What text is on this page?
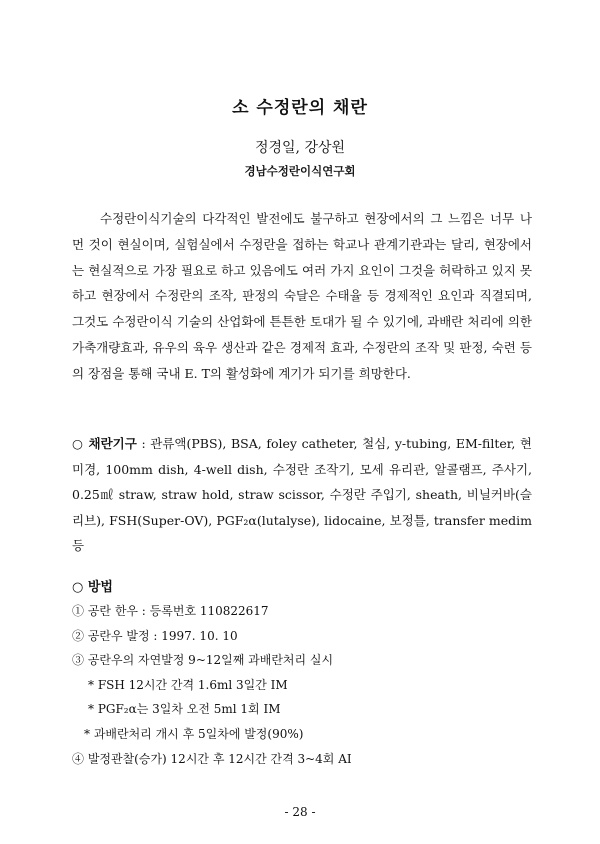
소 수정란의 채란
정경일, 강상원
경남수정란이식연구회

수정란이식기술의 다각적인 발전에도 불구하고 현장에서의 그 느낌은 너무 나 먼 것이 현실이며, 실험실에서 수정란을 접하는 학교나 관계기관과는 달리, 현장에서는 현실적으로 가장 필요로 하고 있음에도 여러 가지 요인이 그것을 허락하고 있지 못하고 현장에서 수정란의 조작, 판정의 숙달은 수태율 등 경제적인 요인과 직결되며, 그것도 수정란이식 기술의 산업화에 튼튼한 토대가 될 수 있기에, 과배란 처리에 의한 가축개량효과, 유우의 육우 생산과 같은 경제적 효과, 수정란의 조작 및 판정, 숙련 등의 장점을 통해 국내 E. T의 활성화에 계기가 되기를 희망한다.

○ 채란기구 : 관류액(PBS), BSA, foley catheter, 철심, y-tubing, EM-filter, 현미경, 100mm dish, 4-well dish, 수정란 조작기, 모세 유리관, 알콜램프, 주사기, 0.25㎖ straw, straw hold, straw scissor, 수정란 주입기, sheath, 비닐커바(슬리브), FSH(Super-OV), PGF₂α(lutalyse), lidocaine, 보정틀, transfer medim 등

○ 방법
① 공란 한우 : 등록번호 110822617
② 공란우 발정 : 1997. 10. 10
③ 공란우의 자연발정 9~12일째 과배란처리 실시
* FSH 12시간 간격 1.6ml 3일간 IM
* PGF₂α는 3일차 오전 5ml 1회 IM
* 과배란처리 개시 후 5일차에 발정(90%)
④ 발정관찰(승가) 12시간 후 12시간 간격 3~4회 AI
- 28 -
